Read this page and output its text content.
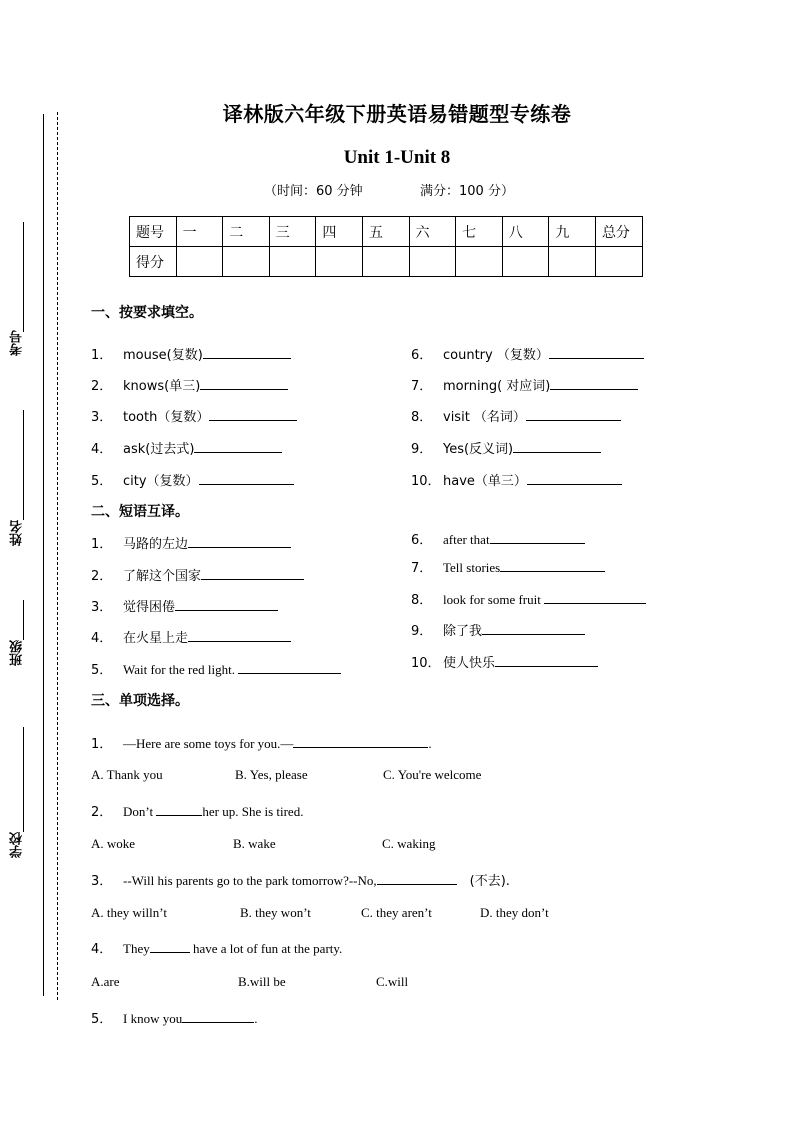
考号
姓名
班级
学校
译林版六年级下册英语易错题型专练卷
Unit 1-Unit 8
（时间：60 分钟	满分：100 分）
题号	一	二	三	四	五	六	七	八	九	总分
得分										
一、按要求填空。
1． mouse(复数)
2． knows(单三)
3． tooth（复数）
4． ask(过去式)
5． city（复数）
6． country （复数）
7． morning( 对应词)
8． visit （名词）
9． Yes(反义词)
10． have（单三）
二、短语互译。
1． 马路的左边
2． 了解这个国家
3． 觉得困倦
4． 在火星上走
5． Wait for the red light.
6． after that
7． Tell stories
8． look for some fruit
9． 除了我
10． 使人快乐
三、单项选择。
1． —Here are some toys for you.—	.
A. Thank you	B. Yes, please	C. You're welcome
2． Don’t	her up. She is tired.
A. woke	B. wake	C. waking
3． --Will his parents go to the park tomorrow?--No,	(不去).
A. they willn’t	B. they won’t	C. they aren’t	D. they don’t
4． They	have a lot of fun at the party.
A.are	B.will be	C.will
5． I know you	.
